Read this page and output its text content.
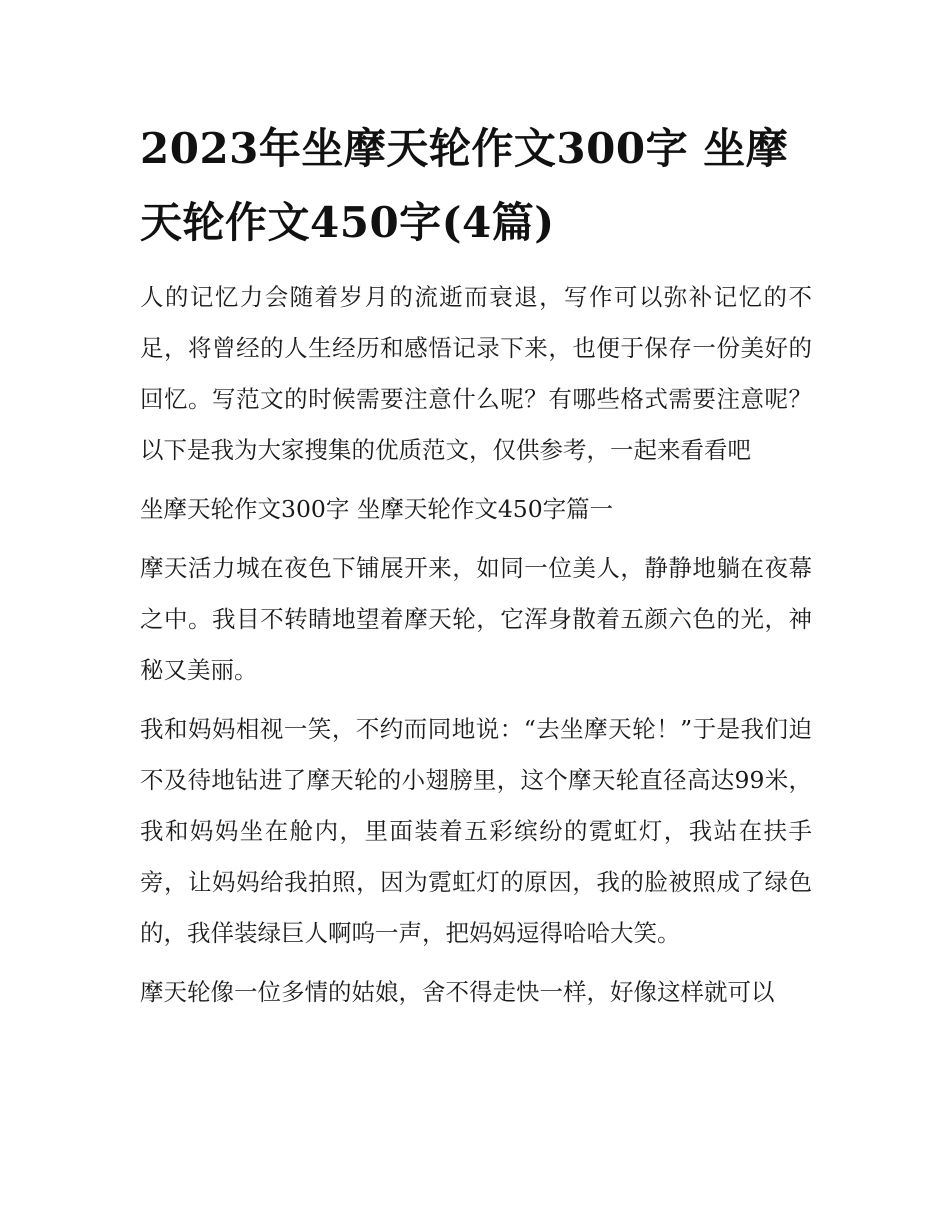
2023年坐摩天轮作文300字 坐摩天轮作文450字(4篇)

人的记忆力会随着岁月的流逝而衰退，写作可以弥补记忆的不足，将曾经的人生经历和感悟记录下来，也便于保存一份美好的回忆。写范文的时候需要注意什么呢？有哪些格式需要注意呢？以下是我为大家搜集的优质范文，仅供参考，一起来看看吧

坐摩天轮作文300字 坐摩天轮作文450字篇一

摩天活力城在夜色下铺展开来，如同一位美人，静静地躺在夜幕之中。我目不转睛地望着摩天轮，它浑身散着五颜六色的光，神秘又美丽。

我和妈妈相视一笑，不约而同地说：“去坐摩天轮！”于是我们迫不及待地钻进了摩天轮的小翅膀里，这个摩天轮直径高达99米，我和妈妈坐在舱内，里面装着五彩缤纷的霓虹灯，我站在扶手旁，让妈妈给我拍照，因为霓虹灯的原因，我的脸被照成了绿色的，我佯装绿巨人啊呜一声，把妈妈逗得哈哈大笑。

摩天轮像一位多情的姑娘，舍不得走快一样，好像这样就可以
